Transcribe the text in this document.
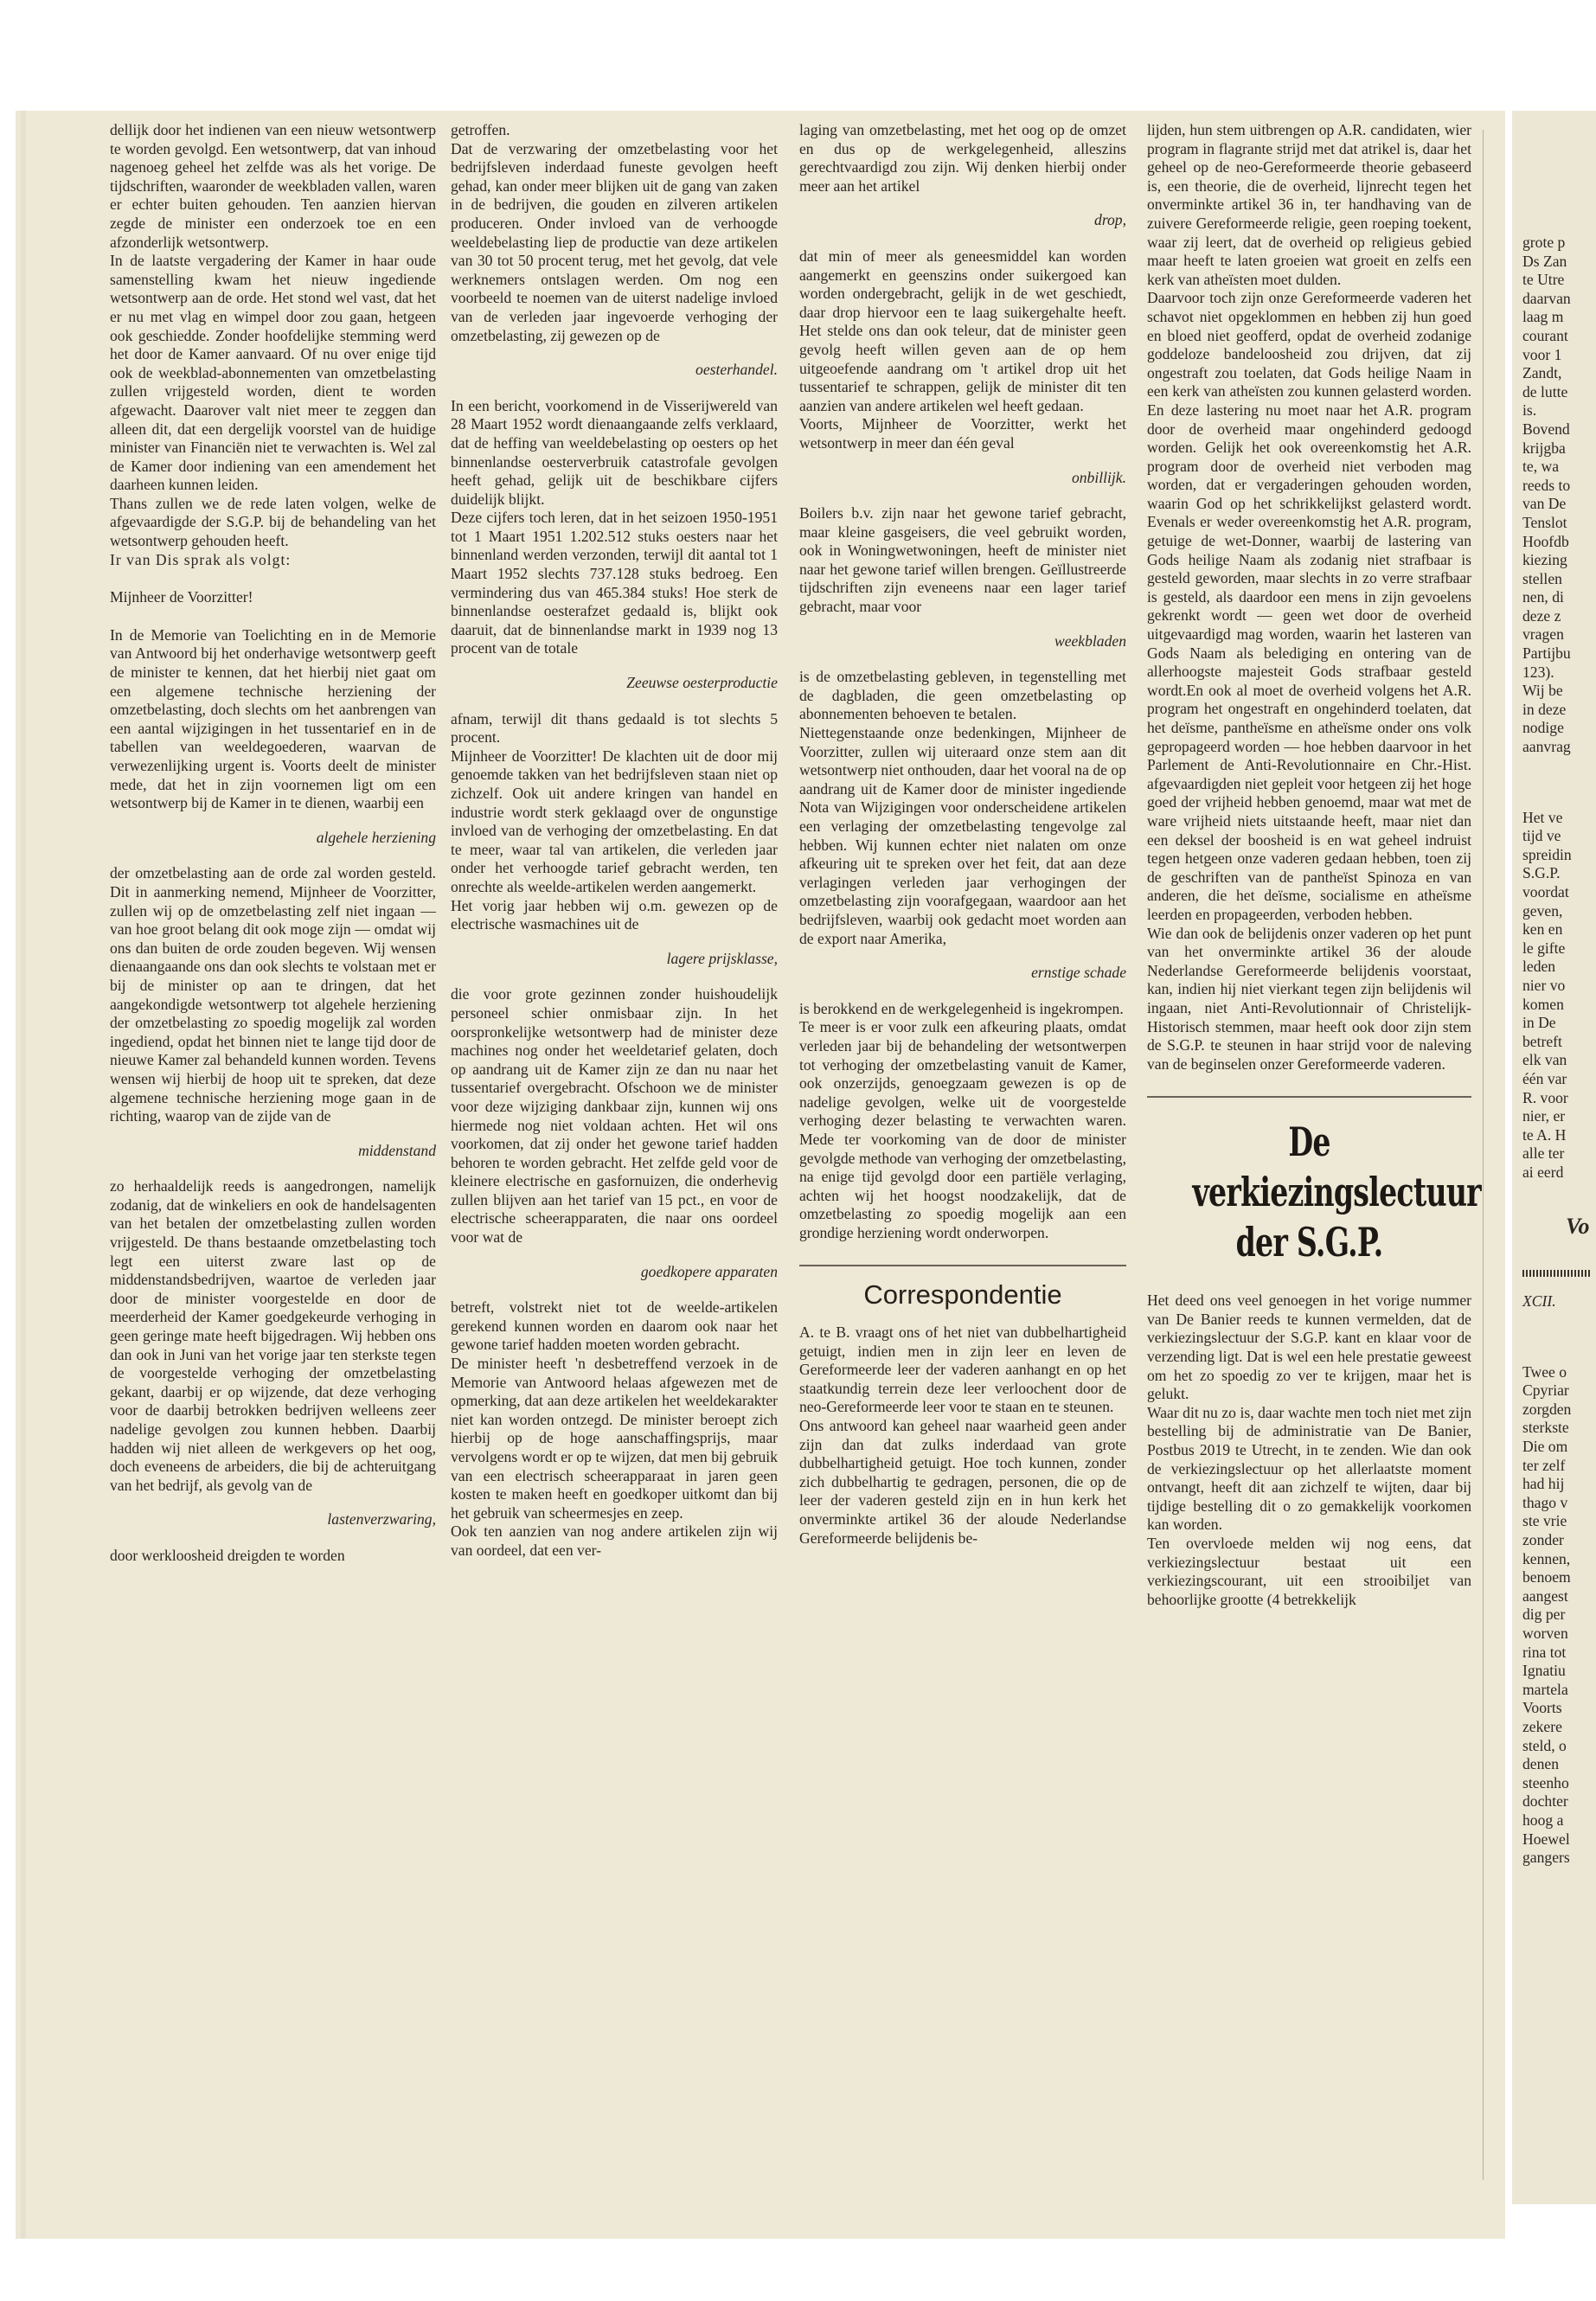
dellijk door het indienen van een nieuw wetsontwerp te worden gevolgd. Een wetsontwerp, dat van inhoud nagenoeg geheel het zelfde was als het vorige. De tijdschriften, waaronder de weekbladen vallen, waren er echter buiten gehouden. Ten aanzien hiervan zegde de minister een onderzoek toe en een afzonderlijk wetsontwerp.

In de laatste vergadering der Kamer in haar oude samenstelling kwam het nieuw ingediende wetsontwerp aan de orde. Het stond wel vast, dat het er nu met vlag en wimpel door zou gaan, hetgeen ook geschiedde. Zonder hoofdelijke stemming werd het door de Kamer aanvaard. Of nu over enige tijd ook de weekblad-abonnementen van omzetbelasting zullen vrijgesteld worden, dient te worden afgewacht. Daarover valt niet meer te zeggen dan alleen dit, dat een dergelijk voorstel van de huidige minister van Financiën niet te verwachten is. Wel zal de Kamer door indiening van een amendement het daarheen kunnen leiden.

Thans zullen we de rede laten volgen, welke de afgevaardigde der S.G.P. bij de behandeling van het wetsontwerp gehouden heeft.

Ir van Dis sprak als volgt:

Mijnheer de Voorzitter!

In de Memorie van Toelichting en in de Memorie van Antwoord bij het onderhavige wetsontwerp geeft de minister te kennen, dat het hierbij niet gaat om een algemene technische herziening der omzetbelasting, doch slechts om het aanbrengen van een aantal wijzigingen in het tussentarief en in de tabellen van weeldegoederen, waarvan de verwezenlijking urgent is. Voorts deelt de minister mede, dat het in zijn voornemen ligt om een wetsontwerp bij de Kamer in te dienen, waarbij een

algehele herziening

der omzetbelasting aan de orde zal worden gesteld. Dit in aanmerking nemend, Mijnheer de Voorzitter, zullen wij op de omzetbelasting zelf niet ingaan — van hoe groot belang dit ook moge zijn — omdat wij ons dan buiten de orde zouden begeven. Wij wensen dienaangaande ons dan ook slechts te volstaan met er bij de minister op aan te dringen, dat het aangekondigde wetsontwerp tot algehele herziening der omzetbelasting zo spoedig mogelijk zal worden ingediend, opdat het binnen niet te lange tijd door de nieuwe Kamer zal behandeld kunnen worden. Tevens wensen wij hierbij de hoop uit te spreken, dat deze algemene technische herziening moge gaan in de richting, waarop van de zijde van de

middenstand

zo herhaaldelijk reeds is aangedrongen, namelijk zodanig, dat de winkeliers en ook de handelsagenten van het betalen der omzetbelasting zullen worden vrijgesteld. De thans bestaande omzetbelasting toch legt een uiterst zware last op de middenstandsbedrijven, waartoe de verleden jaar door de minister voorgestelde en door de meerderheid der Kamer goedgekeurde verhoging in geen geringe mate heeft bijgedragen. Wij hebben ons dan ook in Juni van het vorige jaar ten sterkste tegen de voorgestelde verhoging der omzetbelasting gekant, daarbij er op wijzende, dat deze verhoging voor de daarbij betrokken bedrijven welleens zeer nadelige gevolgen zou kunnen hebben. Daarbij hadden wij niet alleen de werkgevers op het oog, doch eveneens de arbeiders, die bij de achteruitgang van het bedrijf, als gevolg van de

lastenverzwaring,

door werkloosheid dreigden te worden

getroffen.

Dat de verzwaring der omzetbelasting voor het bedrijfsleven inderdaad funeste gevolgen heeft gehad, kan onder meer blijken uit de gang van zaken in de bedrijven, die gouden en zilveren artikelen produceren. Onder invloed van de verhoogde weeldebelasting liep de productie van deze artikelen van 30 tot 50 procent terug, met het gevolg, dat vele werknemers ontslagen werden. Om nog een voorbeeld te noemen van de uiterst nadelige invloed van de verleden jaar ingevoerde verhoging der omzetbelasting, zij gewezen op de

oesterhandel.

In een bericht, voorkomend in de Visserijwereld van 28 Maart 1952 wordt dienaangaande zelfs verklaard, dat de heffing van weeldebelasting op oesters op het binnenlandse oesterverbruik catastrofale gevolgen heeft gehad, gelijk uit de beschikbare cijfers duidelijk blijkt.

Deze cijfers toch leren, dat in het seizoen 1950-1951 tot 1 Maart 1951 1.202.512 stuks oesters naar het binnenland werden verzonden, terwijl dit aantal tot 1 Maart 1952 slechts 737.128 stuks bedroeg. Een vermindering dus van 465.384 stuks! Hoe sterk de binnenlandse oesterafzet gedaald is, blijkt ook daaruit, dat de binnenlandse markt in 1939 nog 13 procent van de totale

Zeeuwse oesterproductie

afnam, terwijl dit thans gedaald is tot slechts 5 procent.

Mijnheer de Voorzitter! De klachten uit de door mij genoemde takken van het bedrijfsleven staan niet op zichzelf. Ook uit andere kringen van handel en industrie wordt sterk geklaagd over de ongunstige invloed van de verhoging der omzetbelasting. En dat te meer, waar tal van artikelen, die verleden jaar onder het verhoogde tarief gebracht werden, ten onrechte als weelde-artikelen werden aangemerkt.

Het vorig jaar hebben wij o.m. gewezen op de electrische wasmachines uit de

lagere prijsklasse,

die voor grote gezinnen zonder huishoudelijk personeel schier onmisbaar zijn. In het oorspronkelijke wetsontwerp had de minister deze machines nog onder het weeldetarief gelaten, doch op aandrang uit de Kamer zijn ze dan nu naar het tussentarief overgebracht. Ofschoon we de minister voor deze wijziging dankbaar zijn, kunnen wij ons hiermede nog niet voldaan achten. Het wil ons voorkomen, dat zij onder het gewone tarief hadden behoren te worden gebracht. Het zelfde geld voor de kleinere electrische en gasfornuizen, die onderhevig zullen blijven aan het tarief van 15 pct., en voor de electrische scheerapparaten, die naar ons oordeel voor wat de

goedkopere apparaten

betreft, volstrekt niet tot de weelde-artikelen gerekend kunnen worden en daarom ook naar het gewone tarief hadden moeten worden gebracht.

De minister heeft 'n desbetreffend verzoek in de Memorie van Antwoord helaas afgewezen met de opmerking, dat aan deze artikelen het weeldekarakter niet kan worden ontzegd. De minister beroept zich hierbij op de hoge aanschaffingsprijs, maar vervolgens wordt er op te wijzen, dat men bij gebruik van een electrisch scheerapparaat in jaren geen kosten te maken heeft en goedkoper uitkomt dan bij het gebruik van scheermesjes en zeep.

Ook ten aanzien van nog andere artikelen zijn wij van oordeel, dat een ver-

laging van omzetbelasting, met het oog op de omzet en dus op de werkgelegenheid, alleszins gerechtvaardigd zou zijn. Wij denken hierbij onder meer aan het artikel

drop,

dat min of meer als geneesmiddel kan worden aangemerkt en geenszins onder suikergoed kan worden ondergebracht, gelijk in de wet geschiedt, daar drop hiervoor een te laag suikergehalte heeft. Het stelde ons dan ook teleur, dat de minister geen gevolg heeft willen geven aan de op hem uitgeoefende aandrang om 't artikel drop uit het tussentarief te schrappen, gelijk de minister dit ten aanzien van andere artikelen wel heeft gedaan.

Voorts, Mijnheer de Voorzitter, werkt het wetsontwerp in meer dan één geval

onbillijk.

Boilers b.v. zijn naar het gewone tarief gebracht, maar kleine gasgeisers, die veel gebruikt worden, ook in Woningwetwoningen, heeft de minister niet naar het gewone tarief willen brengen. Geïllustreerde tijdschriften zijn eveneens naar een lager tarief gebracht, maar voor

weekbladen

is de omzetbelasting gebleven, in tegenstelling met de dagbladen, die geen omzetbelasting op abonnementen behoeven te betalen.

Niettegenstaande onze bedenkingen, Mijnheer de Voorzitter, zullen wij uiteraard onze stem aan dit wetsontwerp niet onthouden, daar het vooral na de op aandrang uit de Kamer door de minister ingediende Nota van Wijzigingen voor onderscheidene artikelen een verlaging der omzetbelasting tengevolge zal hebben. Wij kunnen echter niet nalaten om onze afkeuring uit te spreken over het feit, dat aan deze verlagingen verleden jaar verhogingen der omzetbelasting zijn voorafgegaan, waardoor aan het bedrijfsleven, waarbij ook gedacht moet worden aan de export naar Amerika,

ernstige schade

is berokkend en de werkgelegenheid is ingekrompen.

Te meer is er voor zulk een afkeuring plaats, omdat verleden jaar bij de behandeling der wetsontwerpen tot verhoging der omzetbelasting vanuit de Kamer, ook onzerzijds, genoegzaam gewezen is op de nadelige gevolgen, welke uit de voorgestelde verhoging dezer belasting te verwachten waren. Mede ter voorkoming van de door de minister gevolgde methode van verhoging der omzetbelasting, na enige tijd gevolgd door een partiële verlaging, achten wij het hoogst noodzakelijk, dat de omzetbelasting zo spoedig mogelijk aan een grondige herziening wordt onderworpen.

Correspondentie

A. te B. vraagt ons of het niet van dubbelhartigheid getuigt, indien men in zijn leer en leven de Gereformeerde leer der vaderen aanhangt en op het staatkundig terrein deze leer verloochent door de neo-Gereformeerde leer voor te staan en te steunen.

Ons antwoord kan geheel naar waarheid geen ander zijn dan dat zulks inderdaad van grote dubbelhartigheid getuigt. Hoe toch kunnen, zonder zich dubbelhartig te gedragen, personen, die op de leer der vaderen gesteld zijn en in hun kerk het onverminkte artikel 36 der aloude Nederlandse Gereformeerde belijdenis be-

lijden, hun stem uitbrengen op A.R. candidaten, wier program in flagrante strijd met dat atrikel is, daar het geheel op de neo-Gereformeerde theorie gebaseerd is, een theorie, die de overheid, lijnrecht tegen het onverminkte artikel 36 in, ter handhaving van de zuivere Gereformeerde religie, geen roeping toekent, waar zij leert, dat de overheid op religieus gebied maar heeft te laten groeien wat groeit en zelfs een kerk van atheïsten moet dulden.

Daarvoor toch zijn onze Gereformeerde vaderen het schavot niet opgeklommen en hebben zij hun goed en bloed niet geofferd, opdat de overheid zodanige goddeloze bandeloosheid zou drijven, dat zij ongestraft zou toelaten, dat Gods heilige Naam in een kerk van atheïsten zou kunnen gelasterd worden. En deze lastering nu moet naar het A.R. program door de overheid maar ongehinderd gedoogd worden. Gelijk het ook overeenkomstig het A.R. program door de overheid niet verboden mag worden, dat er vergaderingen gehouden worden, waarin God op het schrikkelijkst gelasterd wordt. Evenals er weder overeenkomstig het A.R. program, getuige de wet-Donner, waarbij de lastering van Gods heilige Naam als zodanig niet strafbaar is gesteld geworden, maar slechts in zo verre strafbaar is gesteld, als daardoor een mens in zijn gevoelens gekrenkt wordt — geen wet door de overheid uitgevaardigd mag worden, waarin het lasteren van Gods Naam als belediging en ontering van de allerhoogste majesteit Gods strafbaar gesteld wordt.En ook al moet de overheid volgens het A.R. program het ongestraft en ongehinderd toelaten, dat het deïsme, pantheïsme en atheïsme onder ons volk gepropageerd worden — hoe hebben daarvoor in het Parlement de Anti-Revolutionnaire en Chr.-Hist. afgevaardigden niet gepleit voor hetgeen zij het hoge goed der vrijheid hebben genoemd, maar wat met de ware vrijheid niets uitstaande heeft, maar niet dan een deksel der boosheid is en wat geheel indruist tegen hetgeen onze vaderen gedaan hebben, toen zij de geschriften van de pantheïst Spinoza en van anderen, die het deïsme, socialisme en atheïsme leerden en propageerden, verboden hebben.

Wie dan ook de belijdenis onzer vaderen op het punt van het onverminkte artikel 36 der aloude Nederlandse Gereformeerde belijdenis voorstaat, kan, indien hij niet vierkant tegen zijn belijdenis wil ingaan, niet Anti-Revolutionnair of Christelijk-Historisch stemmen, maar heeft ook door zijn stem de S.G.P. te steunen in haar strijd voor de naleving van de beginselen onzer Gereformeerde vaderen.

De verkiezingslectuur der S.G.P.

Het deed ons veel genoegen in het vorige nummer van De Banier reeds te kunnen vermelden, dat de verkiezingslectuur der S.G.P. kant en klaar voor de verzending ligt. Dat is wel een hele prestatie geweest om het zo spoedig zo ver te krijgen, maar het is gelukt.

Waar dit nu zo is, daar wachte men toch niet met zijn bestelling bij de administratie van De Banier, Postbus 2019 te Utrecht, in te zenden. Wie dan ook de verkiezingslectuur op het allerlaatste moment ontvangt, heeft dit aan zichzelf te wijten, daar bij tijdige bestelling dit o zo gemakkelijk voorkomen kan worden.

Ten overvloede melden wij nog eens, dat verkiezingslectuur bestaat uit een verkiezingscourant, uit een strooibiljet van behoorlijke grootte (4 betrekkelijk

grote p
Ds Zan
te Utre
daarvan
laag m
courant
voor 1
Zandt,
de lutte
is.
Bovend
krijgba
te, wa
reeds to
van De
Tenslot
Hoofdb
kiezing
stellen
nen, di
deze z
vragen
Partijbu
123).
Wij be
in deze
nodige
aanvrag
Het ve
tijd ve
spreidin
S.G.P.
voordat
geven,
ken en
le gifte
leden
nier vo
komen
in De
betreft
elk van
één var
R. voor
nier, er
te A. H
alle ter
ai eerd
Vo
XCII.
Twee o
Cpyriar
zorgden
sterkste
Die om
ter zelf
had hij
thago v
ste vrie
zonder
kennen,
benoem
aangest
dig per
worven
rina tot
Ignatiu
martela
Voorts
zekere
steld, o
denen
steenho
dochter
hoog a
Hoewel
gangers
